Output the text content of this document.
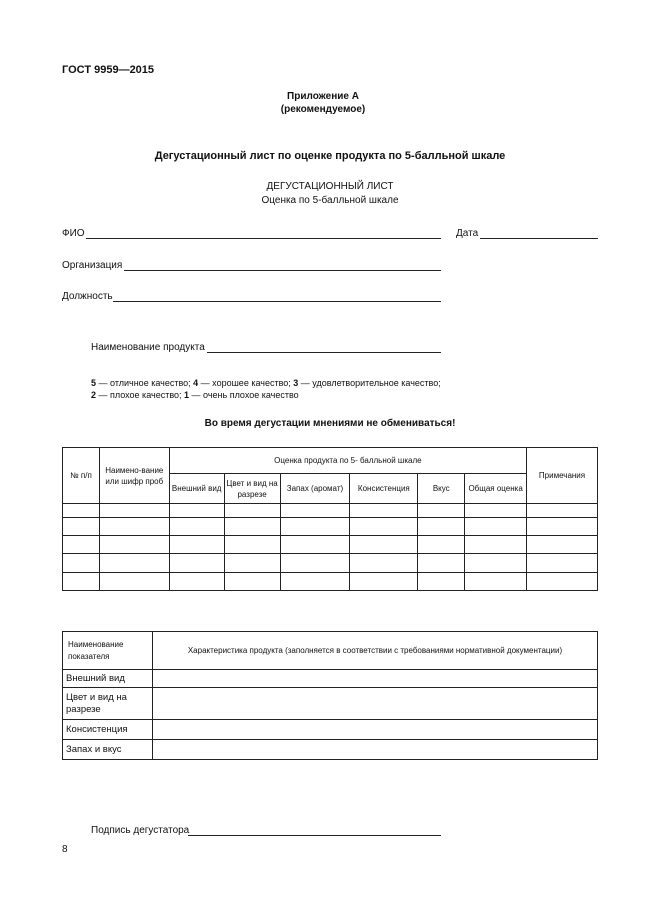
ГОСТ 9959—2015
Приложение А
(рекомендуемое)
Дегустационный лист по оценке продукта по 5-балльной шкале
ДЕГУСТАЦИОННЫЙ ЛИСТ
Оценка по 5-балльной шкале
ФИО	Дата
Организация
Должность
Наименование продукта
5 — отличное качество; 4 — хорошее качество; 3 — удовлетворительное качество;
2 — плохое качество; 1 — очень плохое качество
Во время дегустации мнениями не обмениваться!
№ п/п	Наимено-вание или шифр проб	Оценка продукта по 5- балльной шкале						Примечания
		Внешний вид	Цвет и вид на разрезе	Запах (аромат)	Консистенция	Вкус	Общая оценка	

Наименование показателя	Характеристика продукта (заполняется в соответствии с требованиями нормативной документации)
Внешний вид	
Цвет и вид на разрезе	
Консистенция	
Запах и вкус	
Подпись дегустатора
8
